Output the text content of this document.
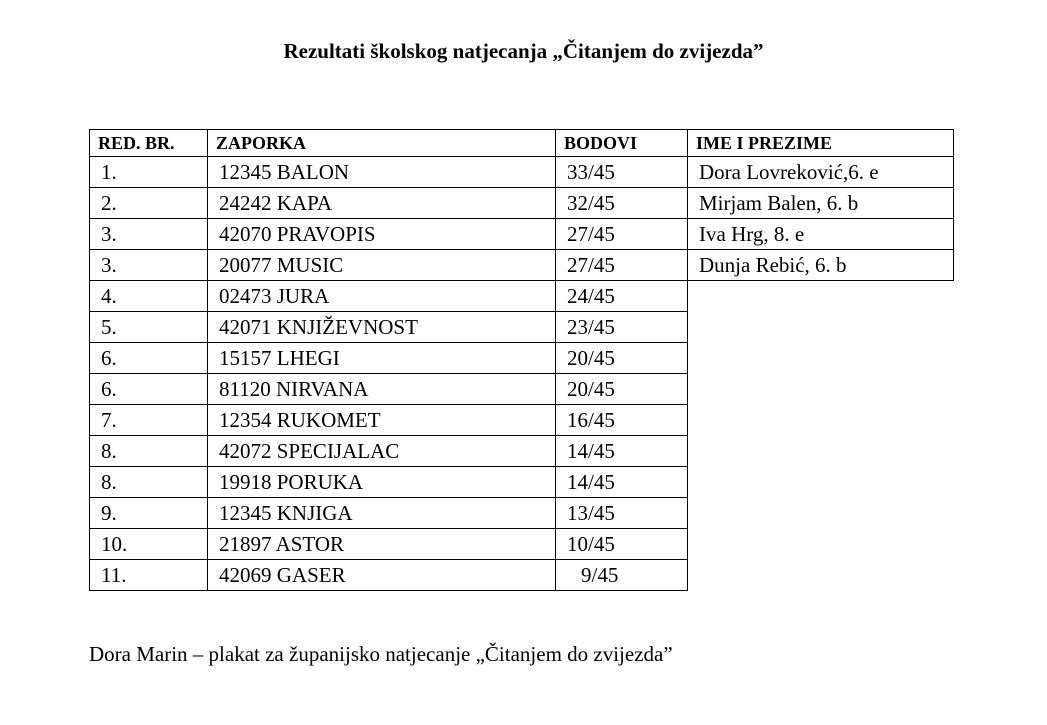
Rezultati školskog natjecanja „Čitanjem do zvijezda”
RED. BR.	ZAPORKA	BODOVI	IME I PREZIME
1.	12345 BALON	33/45	Dora Lovreković,6. e
2.	24242 KAPA	32/45	Mirjam Balen, 6. b
3.	42070 PRAVOPIS	27/45	Iva Hrg, 8. e
3.	20077 MUSIC	27/45	Dunja Rebić, 6. b
4.	02473 JURA	24/45	
5.	42071 KNJIŽEVNOST	23/45	
6.	15157 LHEGI	20/45	
6.	81120 NIRVANA	20/45	
7.	12354 RUKOMET	16/45	
8.	42072 SPECIJALAC	14/45	
8.	19918 PORUKA	14/45	
9.	12345 KNJIGA	13/45	
10.	21897 ASTOR	10/45	
11.	42069 GASER	9/45	
Dora Marin – plakat za županijsko natjecanje „Čitanjem do zvijezda”
